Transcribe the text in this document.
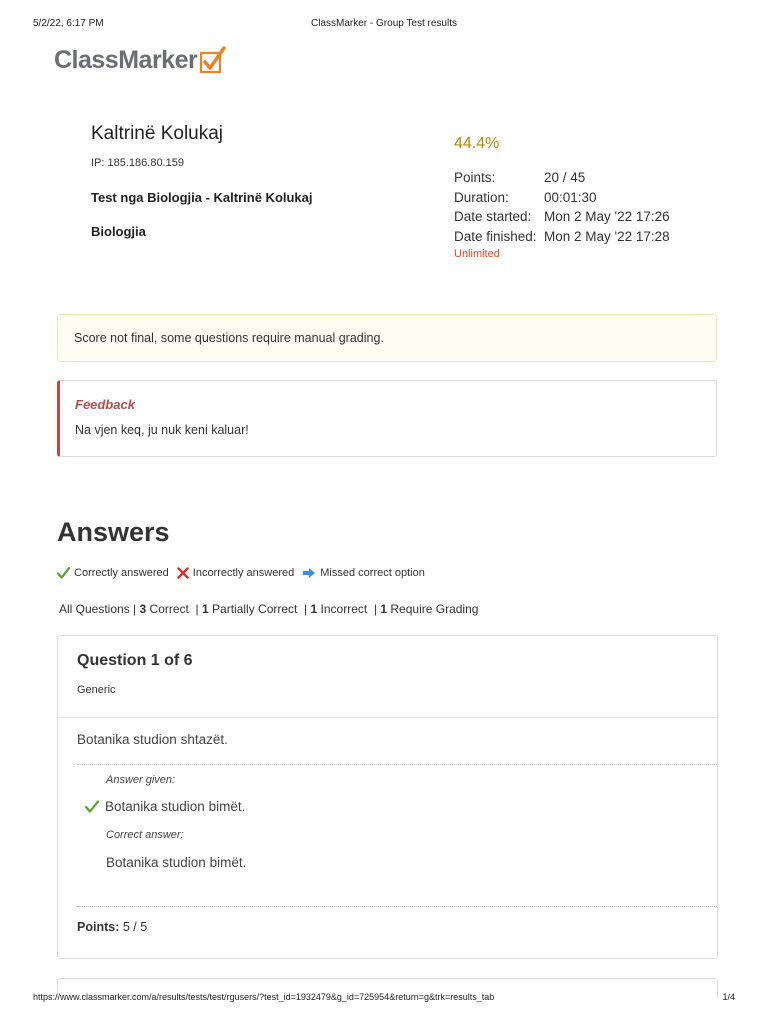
5/2/22, 6:17 PM	ClassMarker - Group Test results
ClassMarker
Kaltrinë Kolukaj
IP: 185.186.80.159
Test nga Biologjia - Kaltrinë Kolukaj
Biologjia
44.4%
Points:	20 / 45
Duration:	00:01:30
Date started: Mon 2 May '22 17:26
Date finished: Mon 2 May '22 17:28
Unlimited
Score not final, some questions require manual grading.
Feedback
Na vjen keq, ju nuk keni kaluar!
Answers
Correctly answered Incorrectly answered Missed correct option
All Questions | 3 Correct  | 1 Partially Correct  | 1 Incorrect  | 1 Require Grading
Question 1 of 6
Generic
Botanika studion shtazët.
Answer given:
Botanika studion bimët.
Correct answer:
Botanika studion bimët.
Points: 5 / 5
https://www.classmarker.com/a/results/tests/test/rgusers/?test_id=1932479&g_id=725954&return=g&trk=results_tab	1/4
